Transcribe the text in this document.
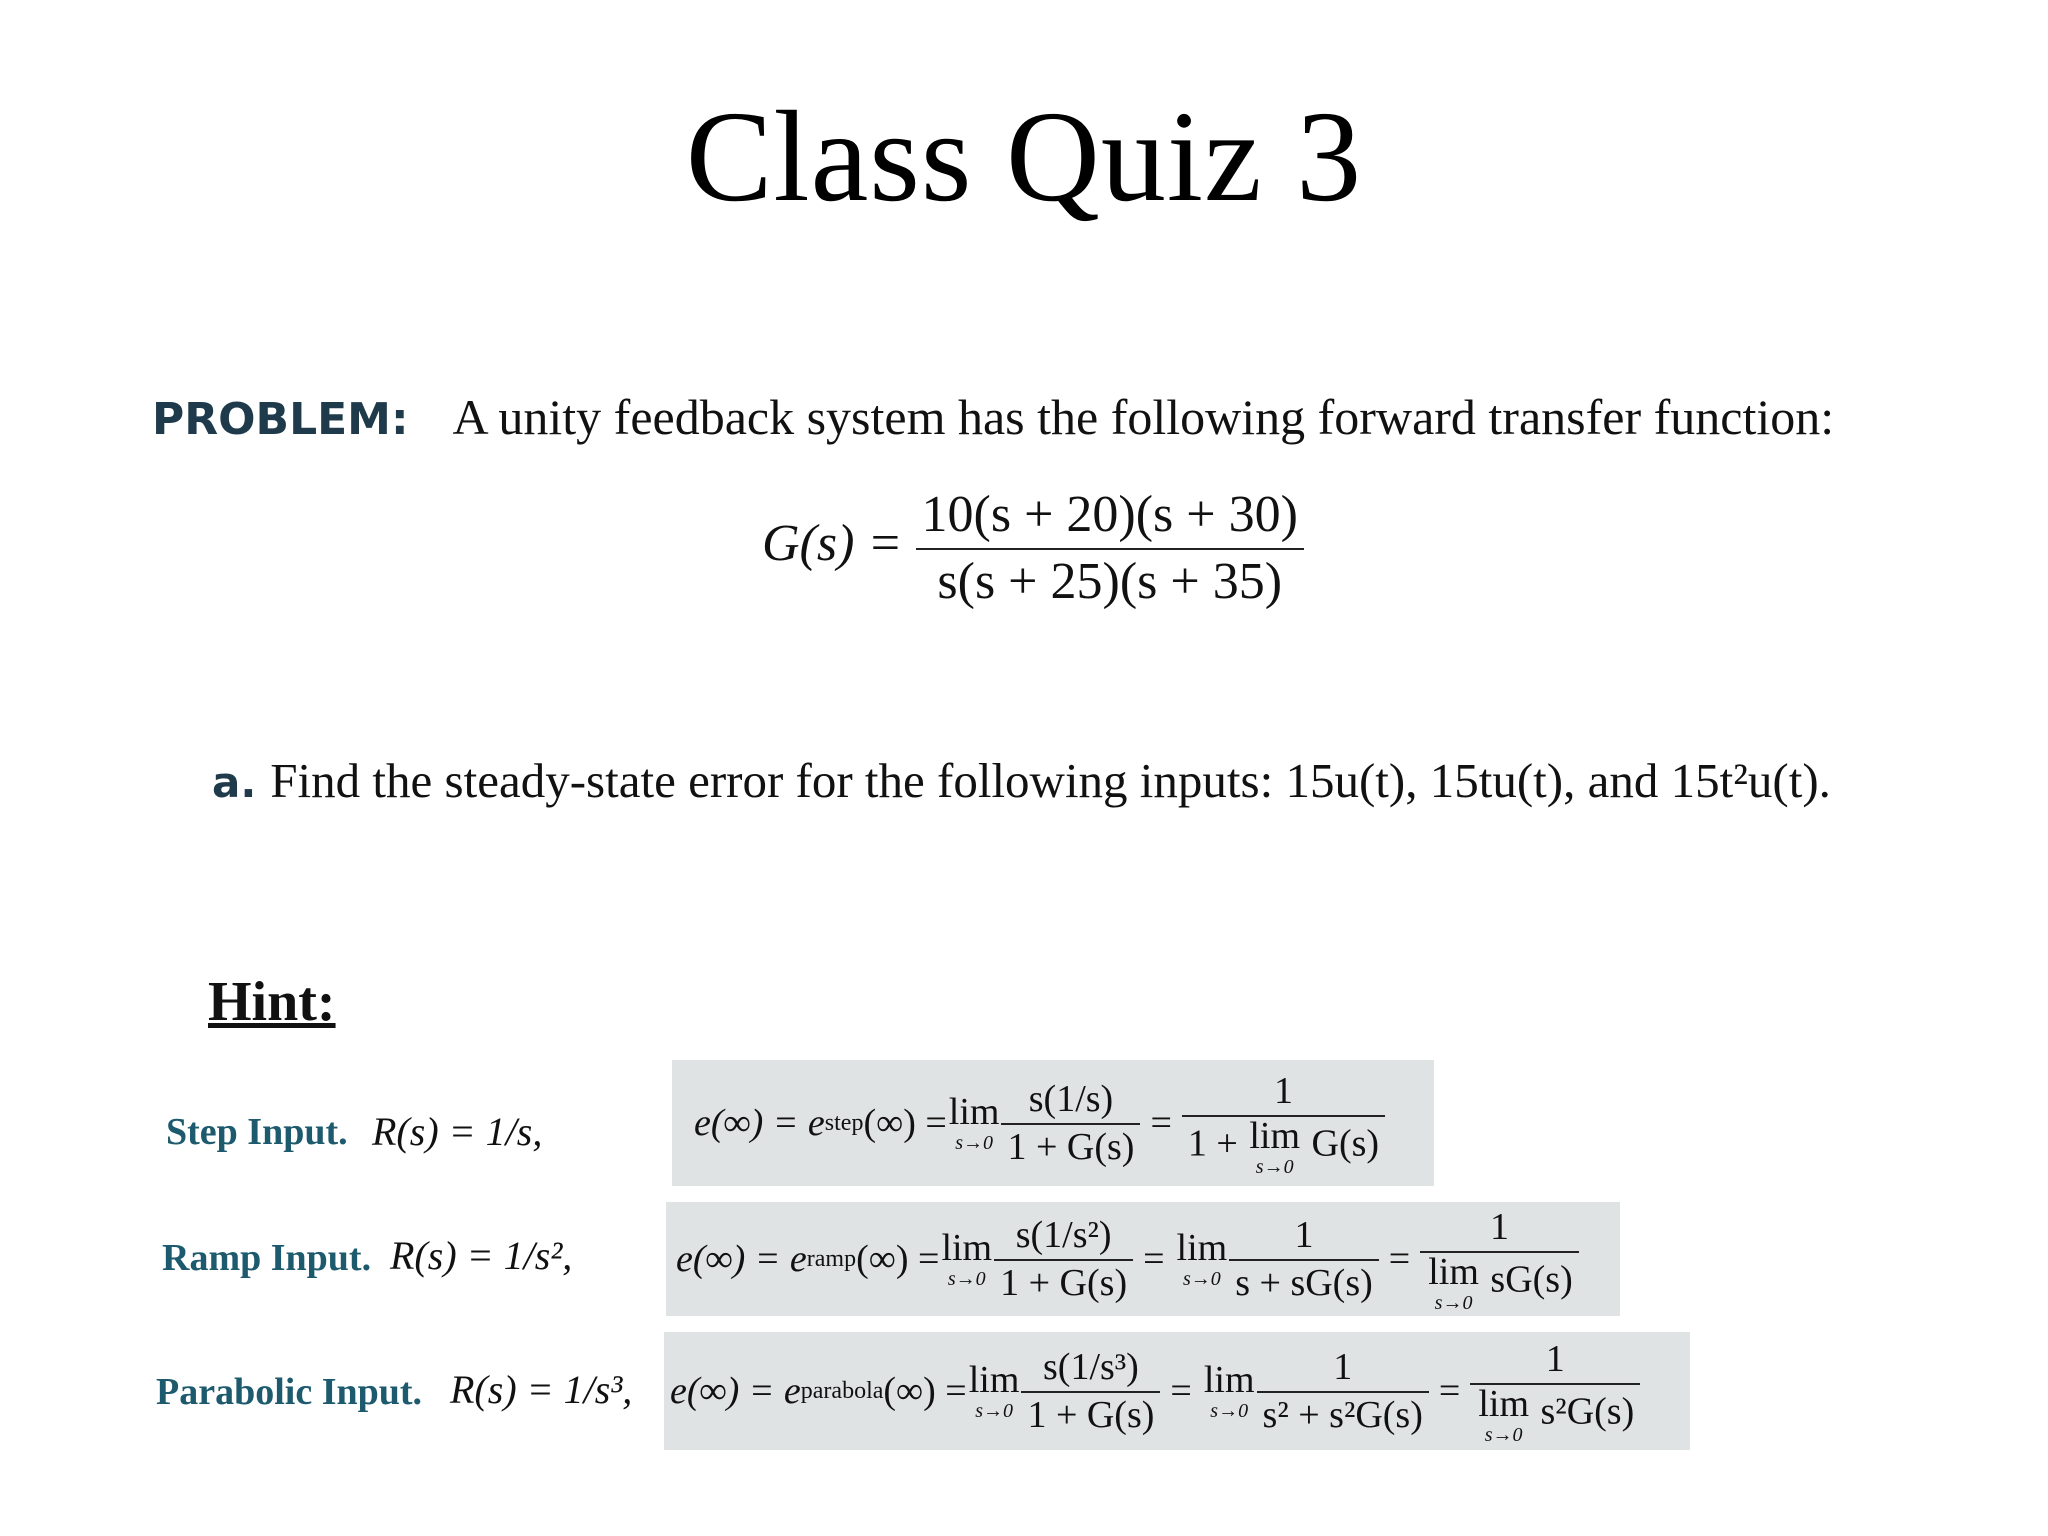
Class Quiz 3
PROBLEM: A unity feedback system has the following forward transfer function:
$G(s) = \frac{10(s + 20)(s + 30)}{s(s + 25)(s + 35)}$
a. Find the steady-state error for the following inputs: 15u(t), 15tu(t), and 15t²u(t).
Hint:
Step Input. R(s) = 1/s,	e(∞) = e step (∞) = lim
$s\to 0 \frac{s(1/s)}{1 + G(s)} = 1$
1 + lim
s→0
G(s)
Ramp Input. R(s) = 1/s²,	e(∞) = e ramp (∞) = lim
$s\to 0 \frac{\text{s(1/s²)}}{1 + G(s)} = \lim$
$s\to 0 \frac{1}{s + sG(s)} = 1$
lim
s→0
sG(s)
Parabolic Input. R(s) = 1/s³, e(∞) = e parabola (∞) = lim
$s\to 0 \frac{\text{s(1/s³)}}{1 + G(s)} = \lim$
$s\to 0 \frac{1}{\text{s² + s²G(s)}} = 1$
lim
s→0
s²G(s)
